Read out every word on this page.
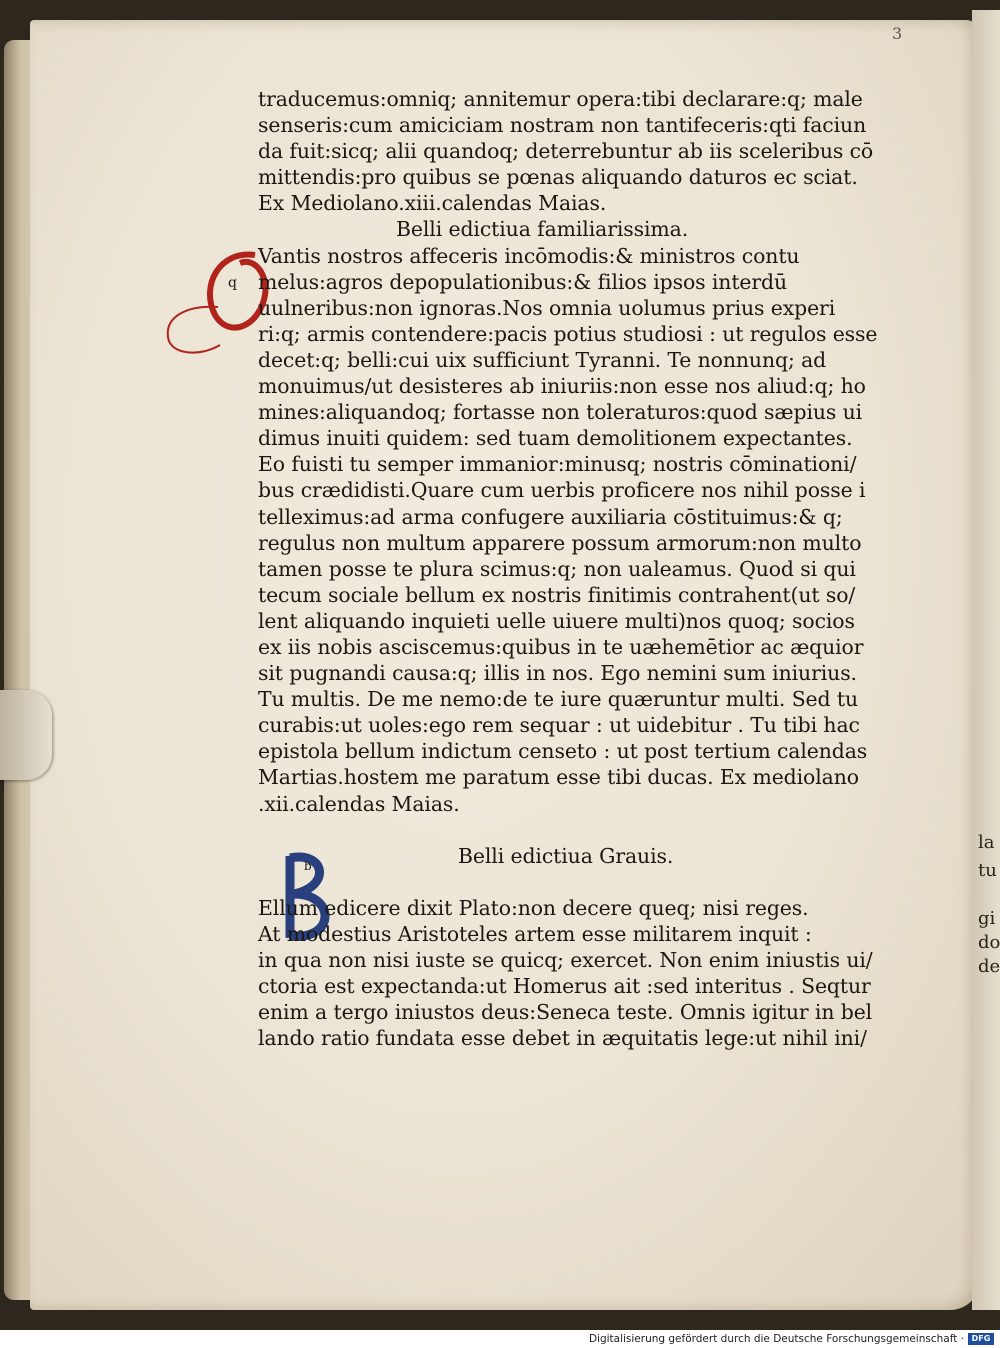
la
tu
gi
do
de
3
q
b
traducemus:omniq; annitemur opera:tibi declarare:q; male
senseris:cum amiciciam nostram non tantifeceris:qti faciun
da fuit:sicq; alii quandoq; deterrebuntur ab iis sceleribus cō
mittendis:pro quibus se pœnas aliquando daturos ec sciat.
Ex Mediolano.xiii.calendas Maias.
Belli edictiua familiarissima.
Vantis nostros affeceris incōmodis:& ministros contu
melus:agros depopulationibus:& filios ipsos interdū
uulneribus:non ignoras.Nos omnia uolumus prius experi
ri:q; armis contendere:pacis potius studiosi : ut regulos esse
decet:q; belli:cui uix sufficiunt Tyranni. Te nonnunq; ad
monuimus/ut desisteres ab iniuriis:non esse nos aliud:q; ho
mines:aliquandoq; fortasse non toleraturos:quod sæpius ui
dimus inuiti quidem: sed tuam demolitionem expectantes.
Eo fuisti tu semper immanior:minusq; nostris cōminationi/
bus crædidisti.Quare cum uerbis proficere nos nihil posse i
telleximus:ad arma confugere auxiliaria cōstituimus:& q;
regulus non multum apparere possum armorum:non multo
tamen posse te plura scimus:q; non ualeamus. Quod si qui
tecum sociale bellum ex nostris finitimis contrahent(ut so/
lent aliquando inquieti uelle uiuere multi)nos quoq; socios
ex iis nobis asciscemus:quibus in te uæhemētior ac æquior
sit pugnandi causa:q; illis in nos. Ego nemini sum iniurius.
Tu multis. De me nemo:de te iure quæruntur multi. Sed tu
curabis:ut uoles:ego rem sequar : ut uidebitur . Tu tibi hac
epistola bellum indictum censeto : ut post tertium calendas
Martias.hostem me paratum esse tibi ducas. Ex mediolano
.xii.calendas Maias.
Belli edictiua Grauis.
Ellum edicere dixit Plato:non decere queq; nisi reges.
At modestius Aristoteles artem esse militarem inquit :
in qua non nisi iuste se quicq; exercet. Non enim iniustis ui/
ctoria est expectanda:ut Homerus ait :sed interitus . Seqtur
enim a tergo iniustos deus:Seneca teste. Omnis igitur in bel
lando ratio fundata esse debet in æquitatis lege:ut nihil ini/
Digitalisierung gefördert durch die Deutsche Forschungsgemeinschaft · DFG
